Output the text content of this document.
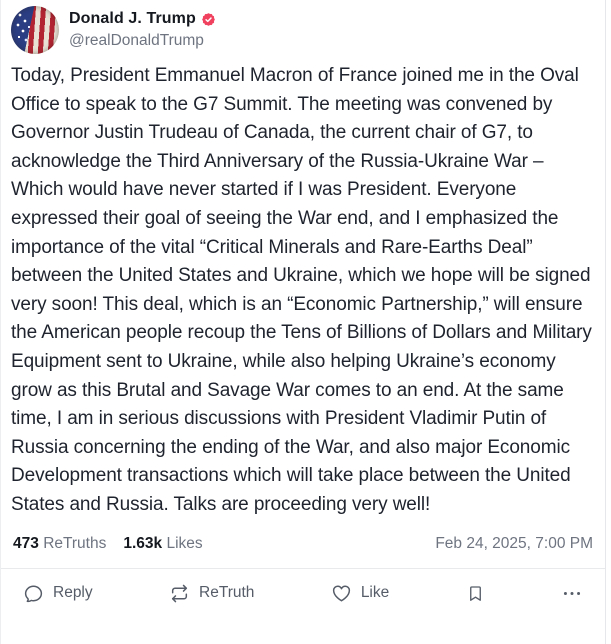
Donald J. Trump
@realDonaldTrump
Today, President Emmanuel Macron of France joined me in the Oval Office to speak to the G7 Summit. The meeting was convened by Governor Justin Trudeau of Canada, the current chair of G7, to acknowledge the Third Anniversary of the Russia-Ukraine War – Which would have never started if I was President. Everyone expressed their goal of seeing the War end, and I emphasized the importance of the vital “Critical Minerals and Rare-Earths Deal” between the United States and Ukraine, which we hope will be signed very soon! This deal, which is an “Economic Partnership,” will ensure the American people recoup the Tens of Billions of Dollars and Military Equipment sent to Ukraine, while also helping Ukraine’s economy grow as this Brutal and Savage War comes to an end. At the same time, I am in serious discussions with President Vladimir Putin of Russia concerning the ending of the War, and also major Economic Development transactions which will take place between the United States and Russia. Talks are proceeding very well!
473 ReTruths 1.63k Likes	Feb 24, 2025, 7:00 PM
Reply	ReTruth	Like
